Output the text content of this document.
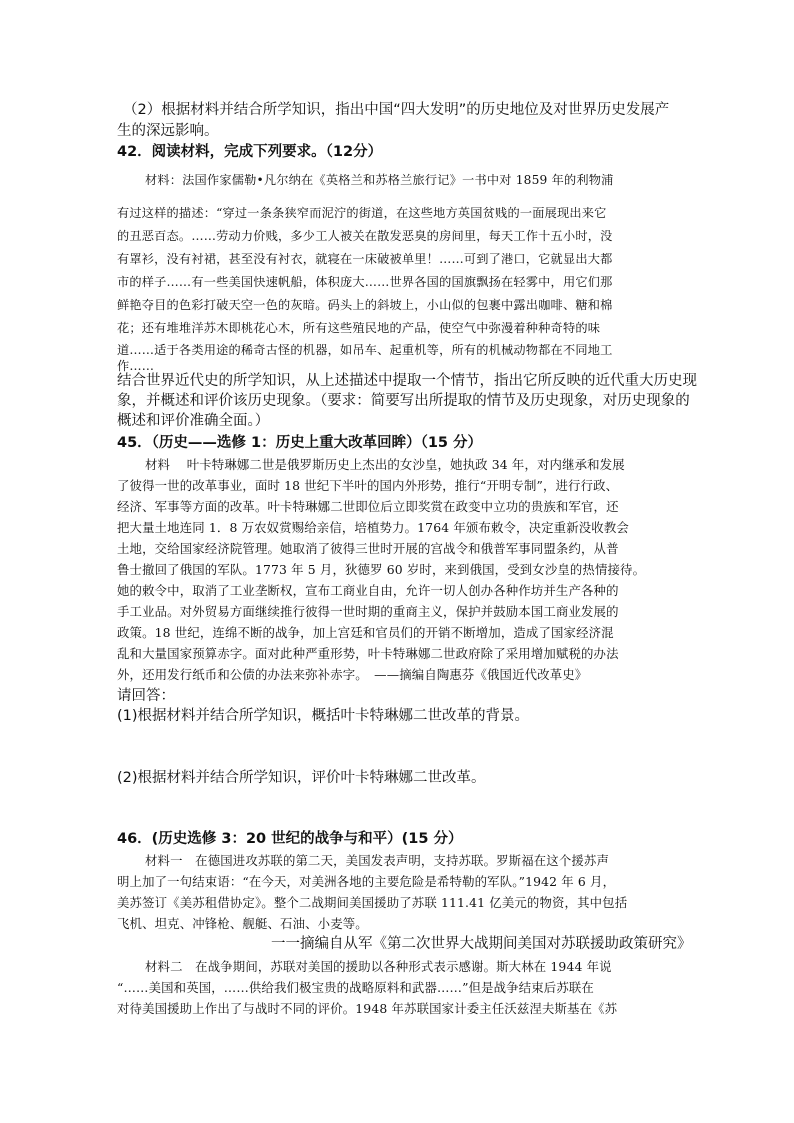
（2）根据材料并结合所学知识，指出中国“四大发明”的历史地位及对世界历史发展产
生的深远影响。
42．阅读材料，完成下列要求。（12分）
材料：法国作家儒勒•凡尔纳在《英格兰和苏格兰旅行记》一书中对 1859 年的利物浦
有过这样的描述：“穿过一条条狭窄而泥泞的街道，在这些地方英国贫贱的一面展现出来它
的丑恶百态。……劳动力价贱，多少工人被关在散发恶臭的房间里，每天工作十五小时，没
有罩衫，没有衬裙，甚至没有衬衣，就寝在一床破被单里！……可到了港口，它就显出大都
市的样子……有一些美国快速帆船，体积庞大……世界各国的国旗飘扬在轻雾中，用它们那
鲜艳夺目的色彩打破天空一色的灰暗。码头上的斜坡上，小山似的包裹中露出咖啡、糖和棉
花；还有堆堆洋苏木即桃花心木，所有这些殖民地的产品，使空气中弥漫着种种奇特的味
道……适于各类用途的稀奇古怪的机器，如吊车、起重机等，所有的机械动物都在不同地工
作……
结合世界近代史的所学知识，从上述描述中提取一个情节，指出它所反映的近代重大历史现
象，并概述和评价该历史现象。（要求：简要写出所提取的情节及历史现象，对历史现象的
概述和评价准确全面。）
45．（历史——选修 1：历史上重大改革回眸）（15 分）
材料　 叶卡特琳娜二世是俄罗斯历史上杰出的女沙皇，她执政 34 年，对内继承和发展
了彼得一世的改革事业，面时 18 世纪下半叶的国内外形势，推行“开明专制”，进行行政、
经济、军事等方面的改革。叶卡特琳娜二世即位后立即奖赏在政变中立功的贵族和军官，还
把大量土地连同 1．8 万农奴赏赐给亲信，培植势力。1764 年颁布敕令，决定重新没收教会
土地，交给国家经济院管理。她取消了彼得三世时开展的宫战令和俄普军事同盟条约，从普
鲁士撤回了俄国的军队。1773 年 5 月，狄德罗 60 岁时，来到俄国，受到女沙皇的热情接待。
她的敕令中，取消了工业垄断权，宣布工商业自由，允许一切人创办各种作坊并生产各种的
手工业品。对外贸易方面继续推行彼得一世时期的重商主义，保护并鼓励本国工商业发展的
政策。18 世纪，连绵不断的战争，加上宫廷和官员们的开销不断增加，造成了国家经济混
乱和大量国家预算赤字。面对此种严重形势，叶卡特琳娜二世政府除了采用增加赋税的办法
外，还用发行纸币和公债的办法来弥补赤字。　——摘编自陶惠芬《俄国近代改革史》
请回答：
(1)根据材料并结合所学知识，概括叶卡特琳娜二世改革的背景。
(2)根据材料并结合所学知识，评价叶卡特琳娜二世改革。
46．(历史选修 3：20 世纪的战争与和平）(15 分）
材料一　在德国进攻苏联的第二天，美国发表声明，支持苏联。罗斯福在这个援苏声
明上加了一句结束语：“在今天，对美洲各地的主要危险是希特勒的军队。”1942 年 6 月，
美苏签订《美苏租借协定》。整个二战期间美国援助了苏联 111.41 亿美元的物资，其中包括
飞机、坦克、冲锋枪、舰艇、石油、小麦等。
一一摘编自从军《第二次世界大战期间美国对苏联援助政策研究》
材料二　在战争期间，苏联对美国的援助以各种形式表示感谢。斯大林在 1944 年说
“……美国和英国，……供给我们极宝贵的战略原料和武器……”但是战争结束后苏联在
对待美国援助上作出了与战时不同的评价。1948 年苏联国家计委主任沃兹涅夫斯基在《苏
